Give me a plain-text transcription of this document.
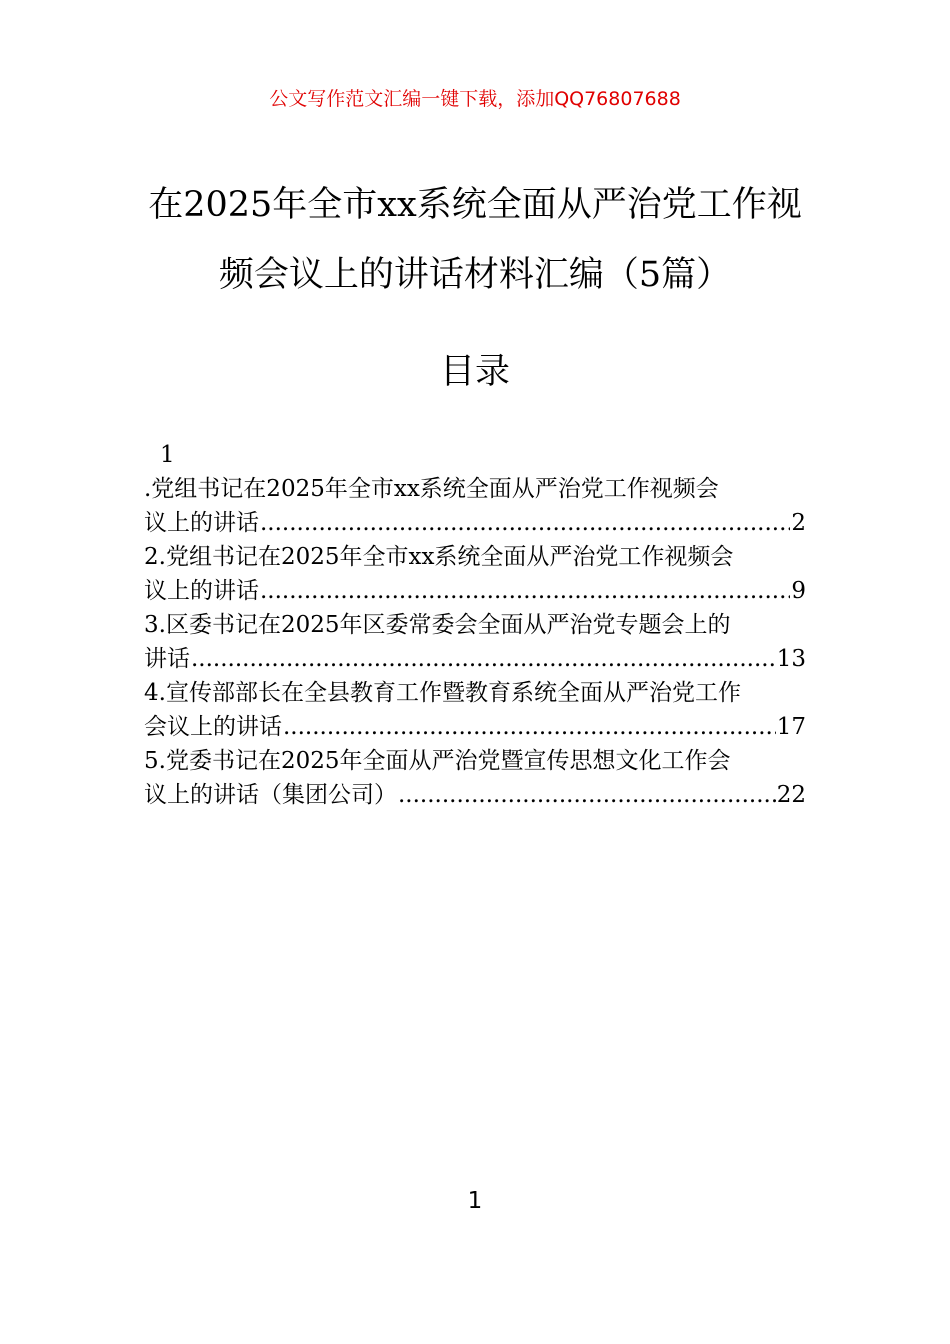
公文写作范文汇编一键下载，添加QQ76807688
在2025年全市xx系统全面从严治党工作视
频会议上的讲话材料汇编（5篇）
目录
1
.党组书记在2025年全市xx系统全面从严治党工作视频会
议上的讲话 .....	2
2.党组书记在2025年全市xx系统全面从严治党工作视频会
议上的讲话 .....	9
3.区委书记在2025年区委常委会全面从严治党专题会上的
讲话 .....	13
4.宣传部部长在全县教育工作暨教育系统全面从严治党工作
会议上的讲话 .....	17
5.党委书记在2025年全面从严治党暨宣传思想文化工作会
议上的讲话（集团公司） .....	22
1
